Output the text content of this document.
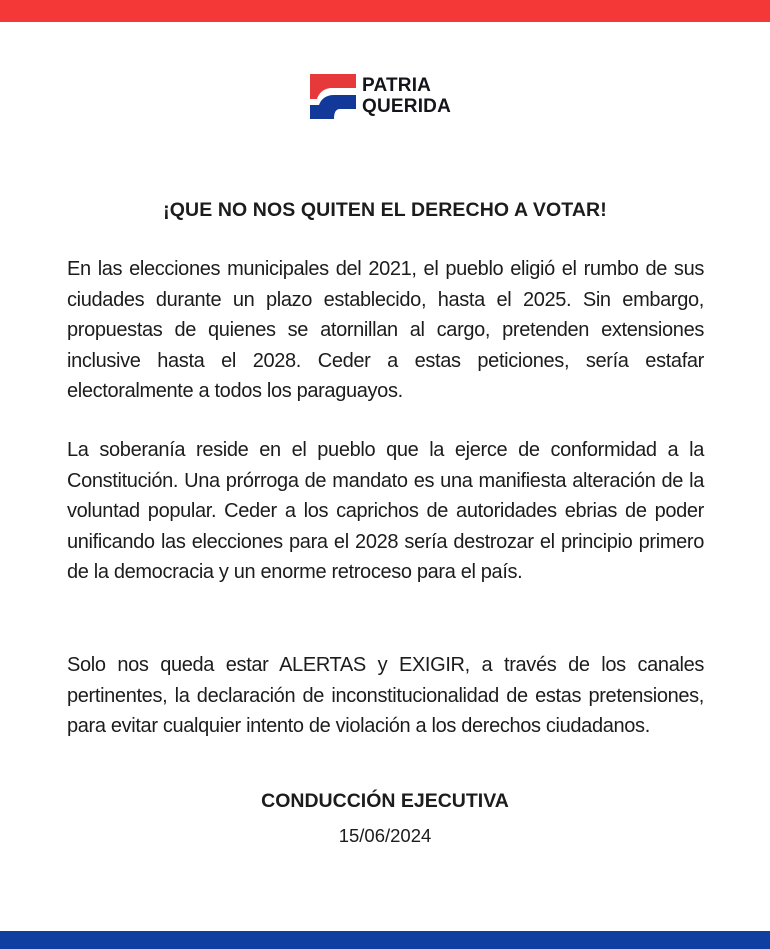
PATRIA
QUERIDA
¡QUE NO NOS QUITEN EL DERECHO A VOTAR!

En las elecciones municipales del 2021, el pueblo eligió el rumbo de sus ciudades durante un plazo establecido, hasta el 2025. Sin embargo, propuestas de quienes se atornillan al cargo, pretenden extensiones inclusive hasta el 2028. Ceder a estas peticiones, sería estafar electoralmente a todos los paraguayos.

La soberanía reside en el pueblo que la ejerce de conformidad a la Constitución. Una prórroga de mandato es una manifiesta alteración de la voluntad popular. Ceder a los caprichos de autoridades ebrias de poder unificando las elecciones para el 2028 sería destrozar el principio primero de la democracia y un enorme retroceso para el país.

Solo nos queda estar ALERTAS y EXIGIR, a través de los canales pertinentes, la declaración de inconstitucionalidad de estas pretensiones, para evitar cualquier intento de violación a los derechos ciudadanos.

CONDUCCIÓN EJECUTIVA
15/06/2024
